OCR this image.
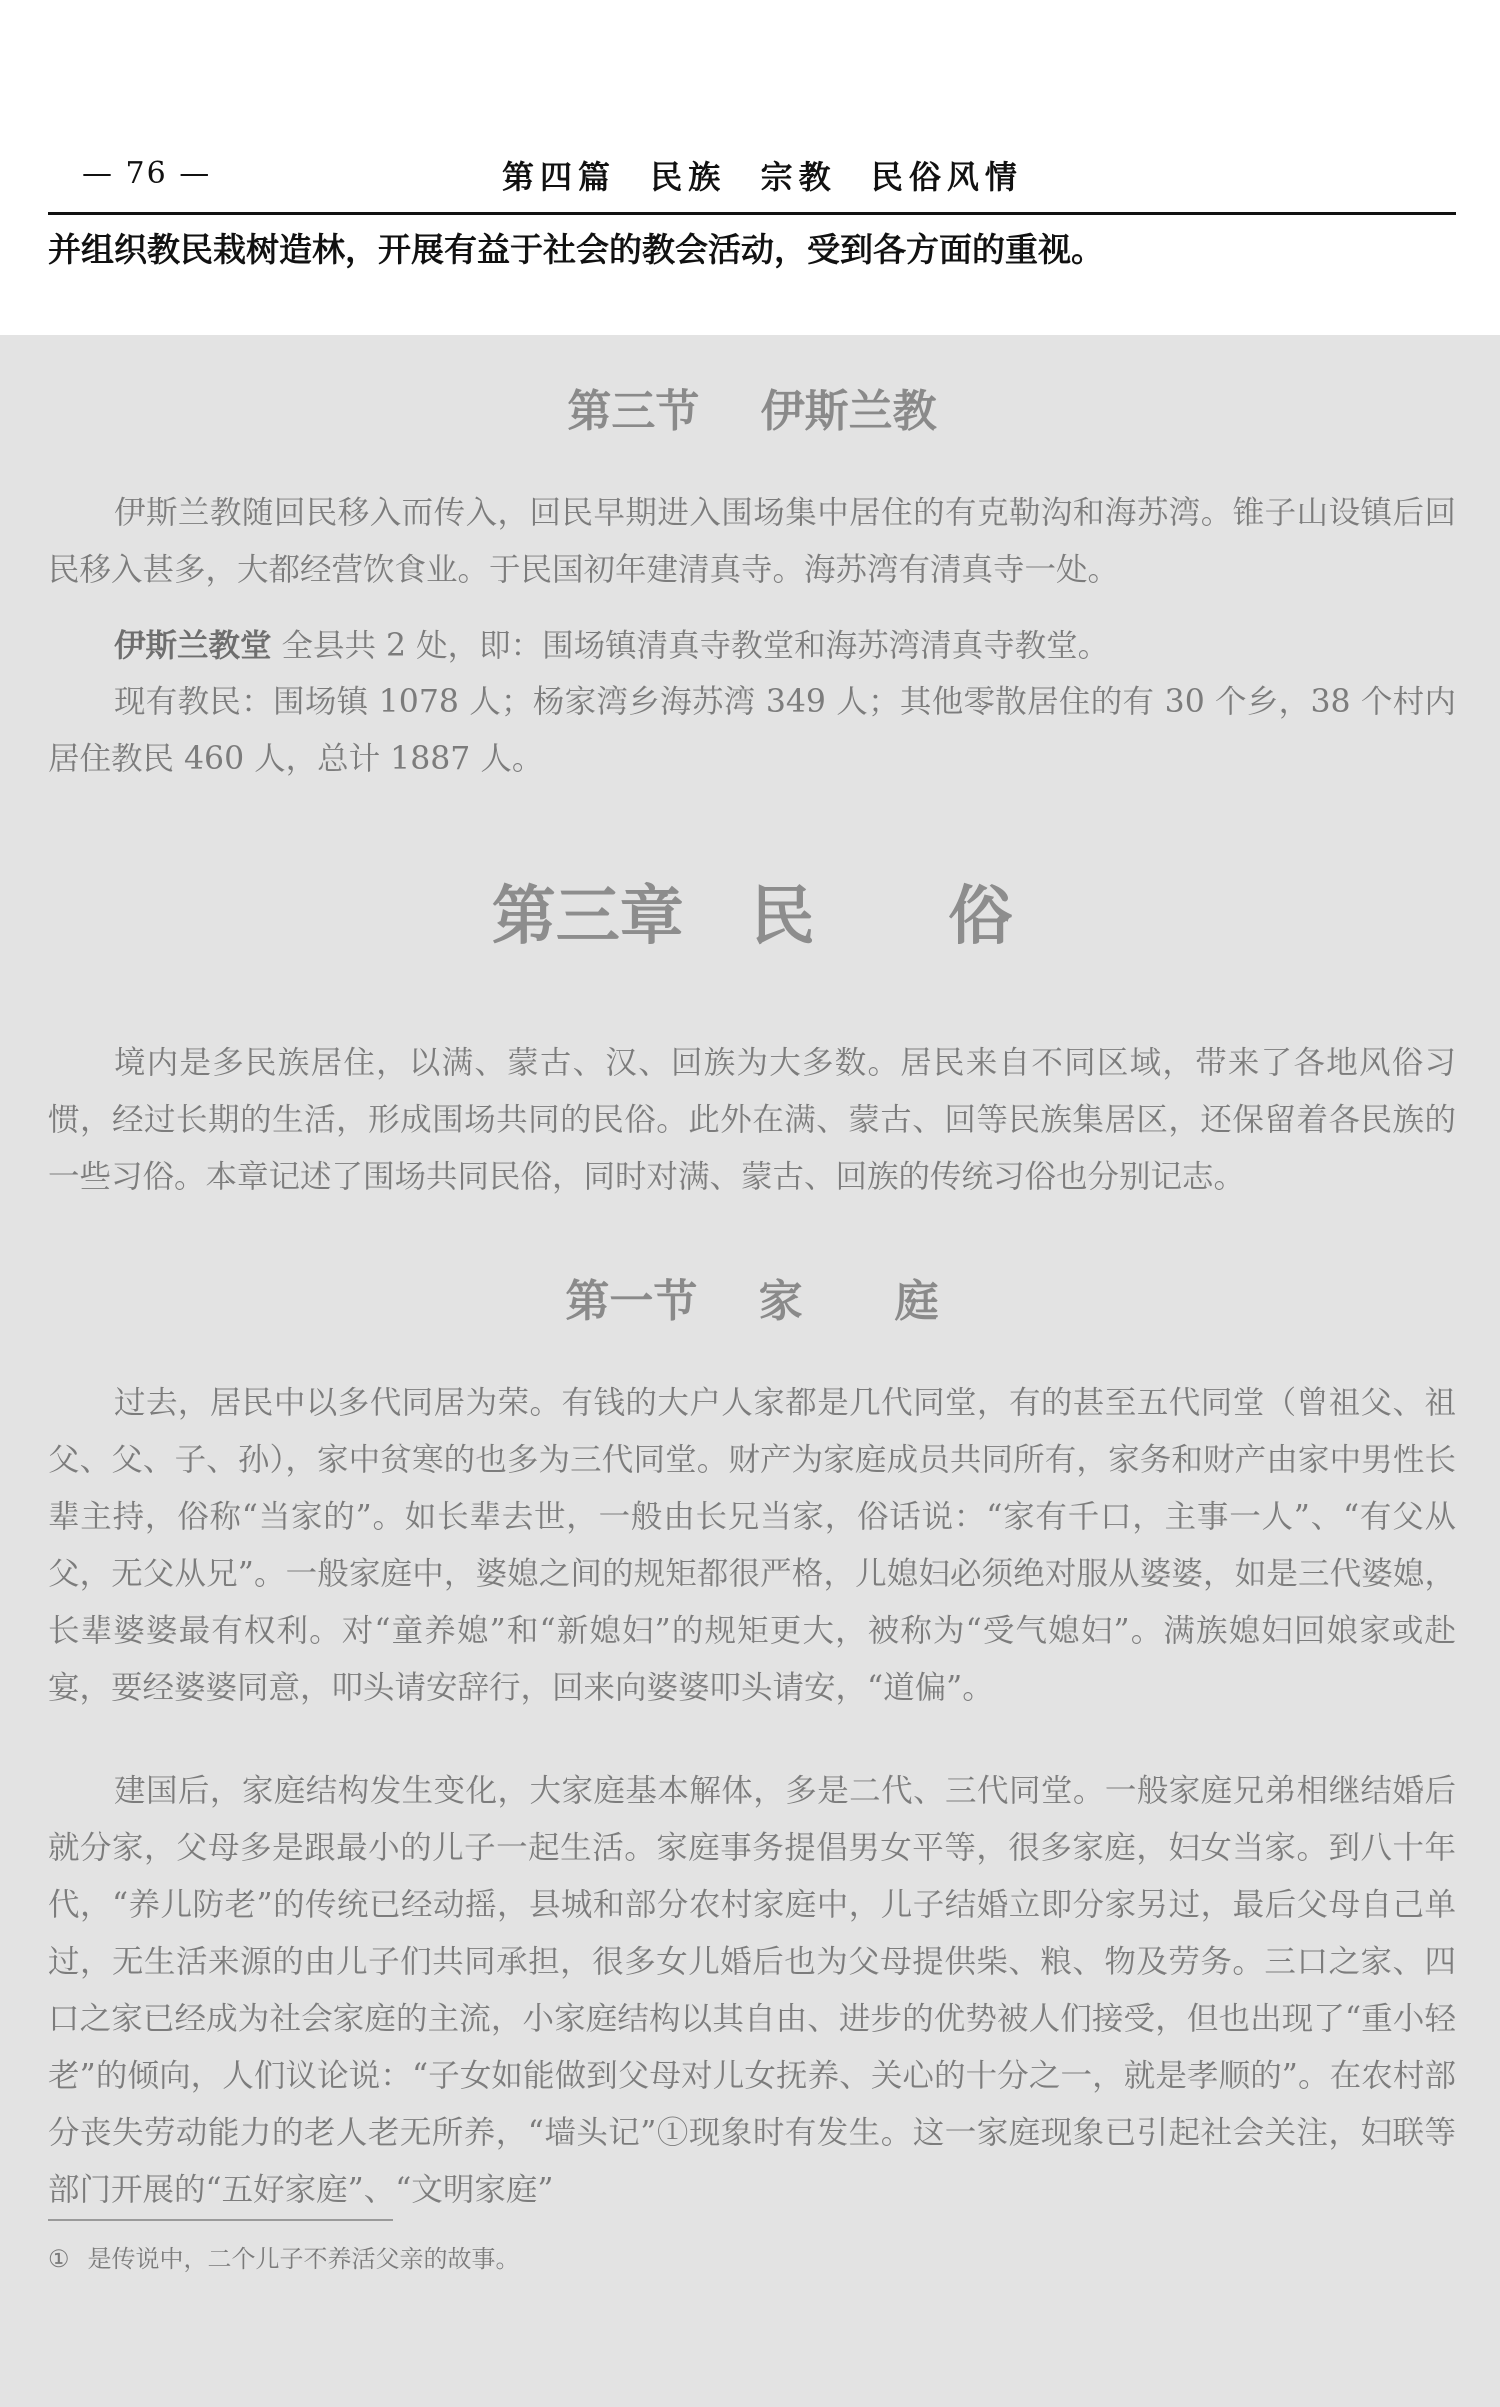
— 76 —	第四篇  民族  宗教  民俗风情
并组织教民栽树造林，开展有益于社会的教会活动，受到各方面的重视。
第三节    伊斯兰教
伊斯兰教随回民移入而传入，回民早期进入围场集中居住的有克勒沟和海苏湾。锥子山设镇后回民移入甚多，大都经营饮食业。于民国初年建清真寺。海苏湾有清真寺一处。
伊斯兰教堂 全县共 2 处，即：围场镇清真寺教堂和海苏湾清真寺教堂。
现有教民：围场镇 1078 人；杨家湾乡海苏湾 349 人；其他零散居住的有 30 个乡，38 个村内居住教民 460 人，总计 1887 人。
第三章   民      俗
境内是多民族居住，以满、蒙古、汉、回族为大多数。居民来自不同区域，带来了各地风俗习惯，经过长期的生活，形成围场共同的民俗。此外在满、蒙古、回等民族集居区，还保留着各民族的一些习俗。本章记述了围场共同民俗，同时对满、蒙古、回族的传统习俗也分别记志。
第一节    家      庭
过去，居民中以多代同居为荣。有钱的大户人家都是几代同堂，有的甚至五代同堂（曾祖父、祖父、父、子、孙），家中贫寒的也多为三代同堂。财产为家庭成员共同所有，家务和财产由家中男性长辈主持，俗称“当家的”。如长辈去世，一般由长兄当家，俗话说：“家有千口，主事一人”、“有父从父，无父从兄”。一般家庭中，婆媳之间的规矩都很严格，儿媳妇必须绝对服从婆婆，如是三代婆媳，长辈婆婆最有权利。对“童养媳”和“新媳妇”的规矩更大，被称为“受气媳妇”。满族媳妇回娘家或赴宴，要经婆婆同意，叩头请安辞行，回来向婆婆叩头请安，“道偏”。
建国后，家庭结构发生变化，大家庭基本解体，多是二代、三代同堂。一般家庭兄弟相继结婚后就分家，父母多是跟最小的儿子一起生活。家庭事务提倡男女平等，很多家庭，妇女当家。到八十年代，“养儿防老”的传统已经动摇，县城和部分农村家庭中，儿子结婚立即分家另过，最后父母自己单过，无生活来源的由儿子们共同承担，很多女儿婚后也为父母提供柴、粮、物及劳务。三口之家、四口之家已经成为社会家庭的主流，小家庭结构以其自由、进步的优势被人们接受，但也出现了“重小轻老”的倾向，人们议论说：“子女如能做到父母对儿女抚养、关心的十分之一，就是孝顺的”。在农村部分丧失劳动能力的老人老无所养，“墙头记”①现象时有发生。这一家庭现象已引起社会关注，妇联等部门开展的“五好家庭”、“文明家庭”
① 是传说中，二个儿子不养活父亲的故事。
